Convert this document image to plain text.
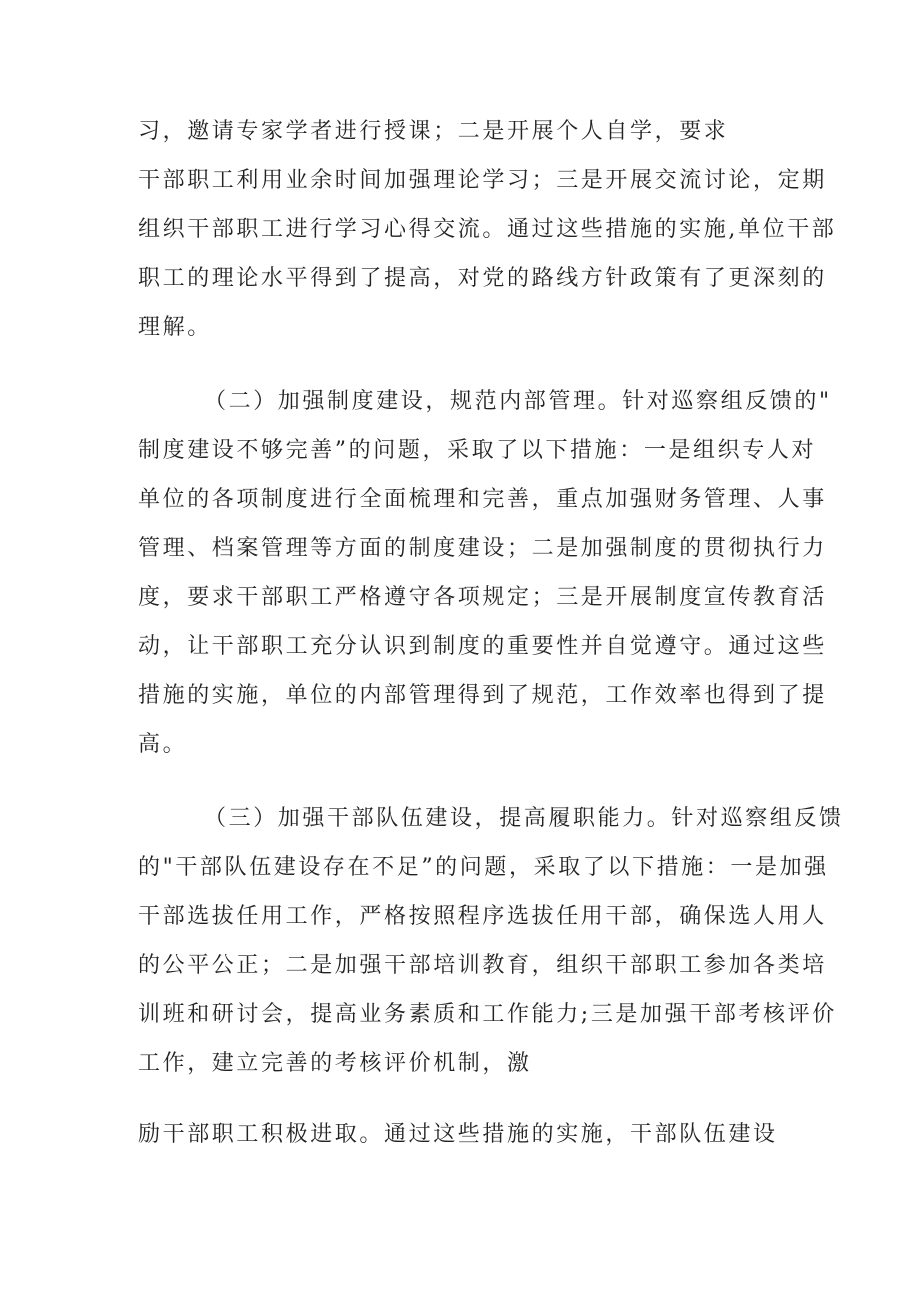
习，邀请专家学者进行授课；二是开展个人自学，要求
干部职工利用业余时间加强理论学习；三是开展交流讨论，定期
组织干部职工进行学习心得交流。通过这些措施的实施,单位干部
职工的理论水平得到了提高，对党的路线方针政策有了更深刻的
理解。
（二）加强制度建设，规范内部管理。针对巡察组反馈的"
制度建设不够完善”的问题，采取了以下措施：一是组织专人对
单位的各项制度进行全面梳理和完善，重点加强财务管理、人事
管理、档案管理等方面的制度建设；二是加强制度的贯彻执行力
度，要求干部职工严格遵守各项规定；三是开展制度宣传教育活
动，让干部职工充分认识到制度的重要性并自觉遵守。通过这些
措施的实施，单位的内部管理得到了规范，工作效率也得到了提
高。
（三）加强干部队伍建设，提高履职能力。针对巡察组反馈
的"干部队伍建设存在不足”的问题，采取了以下措施：一是加强
干部选拔任用工作，严格按照程序选拔任用干部，确保选人用人
的公平公正；二是加强干部培训教育，组织干部职工参加各类培
训班和研讨会，提高业务素质和工作能力;三是加强干部考核评价
工作，建立完善的考核评价机制，激
励干部职工积极进取。通过这些措施的实施，干部队伍建设
